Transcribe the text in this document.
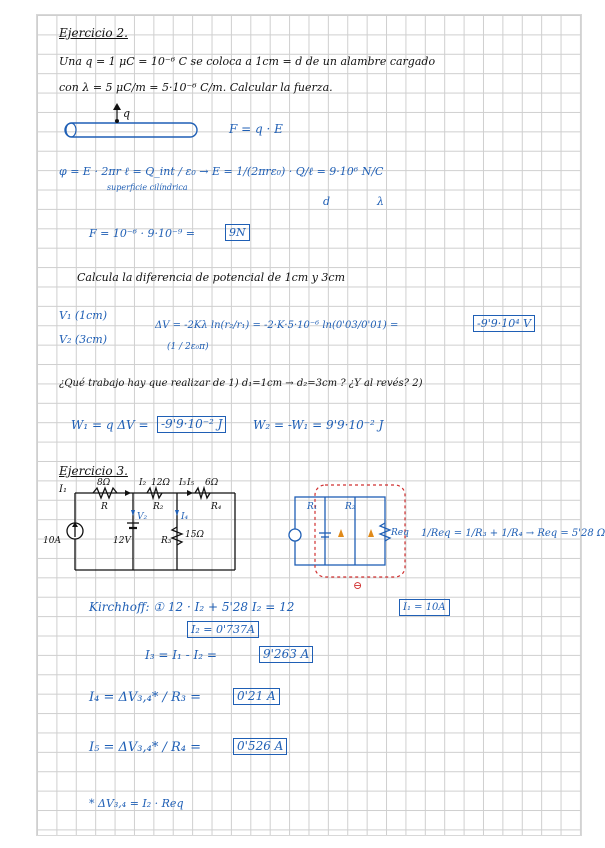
Ejercicio 2.
Una q = 1 μC = 10⁻⁶ C se coloca a 1cm = d de un alambre cargado
con λ = 5 μC/m = 5·10⁻⁶ C/m. Calcular la fuerza.
q
F = q · E
φ = E · 2πr ℓ = Q_int / ε₀ → E = 1/(2πrε₀) · Q/ℓ = 9·10⁶ N/C
superficie cilíndrica
d	λ
F = 10⁻⁶ · 9·10⁻⁹ =	9N
Calcula la diferencia de potencial de 1cm y 3cm
V₁ (1cm)
V₂ (3cm)
ΔV = -2Kλ ln(r₂/r₁) = -2·K·5·10⁻⁶ ln(0'03/0'01) =
(1 / 2ε₀π)
-9'9·10⁴ V
¿Qué trabajo hay que realizar de 1) d₁=1cm → d₂=3cm ? ¿Y al revés? 2)
W₁ = q ΔV =	-9'9·10⁻² J	W₂ = -W₁ = 9'9·10⁻² J
Ejercicio 3.
I₁
8Ω
R
I₂ 12Ω
R₂
I₃ I₅ 6Ω
R₄
V₂	I₄
10A	12V	R₃
15Ω
R₁	R₂
Req
⊖
1/Req = 1/R₃ + 1/R₄ → Req = 5'28 Ω
Kirchhoff: ① 12 · I₂ + 5'28 I₂ = 12	I₁ = 10A
I₂ = 0'737A
I₃ = I₁ - I₂ =	9'263 A
I₄ = ΔV₃,₄* / R₃ =	0'21 A
I₅ = ΔV₃,₄* / R₄ =	0'526 A
* ΔV₃,₄ = I₂ · Req
